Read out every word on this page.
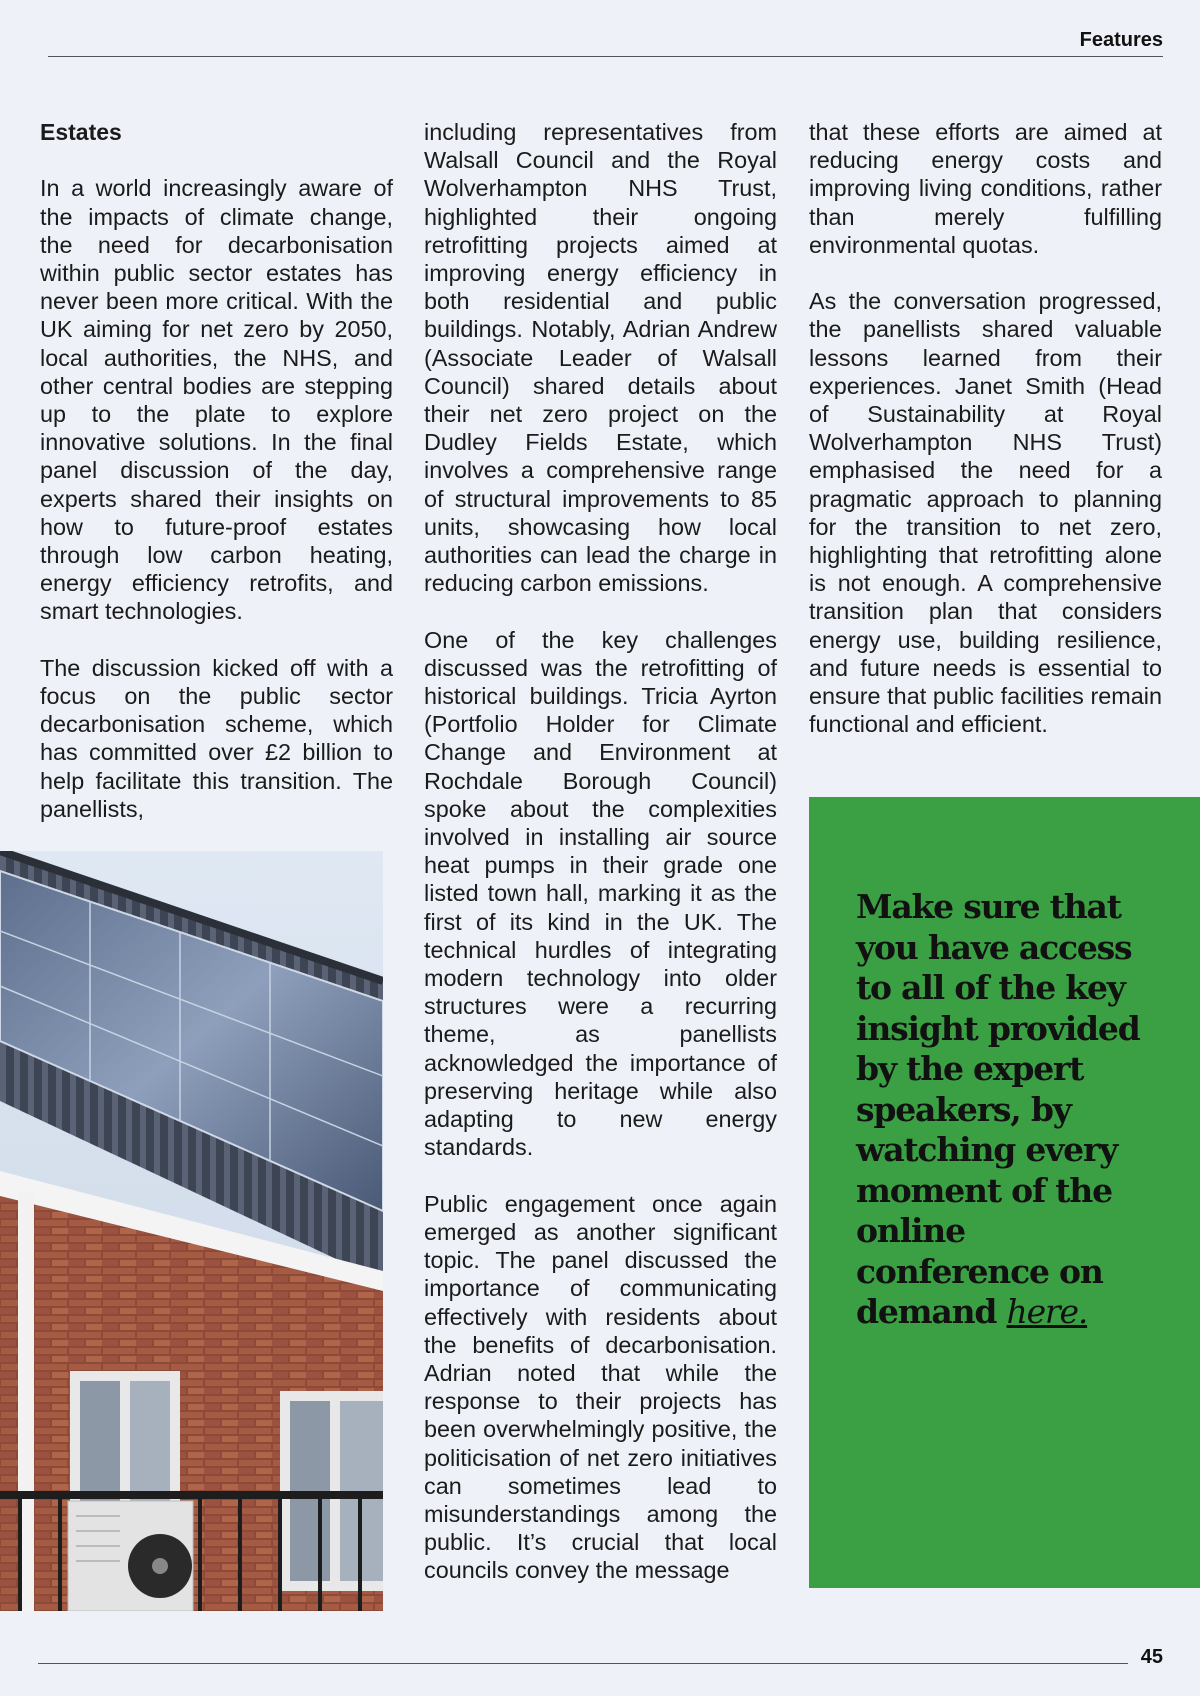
Features
Estates

In a world increasingly aware of the impacts of climate change, the need for decarbonisation within public sector estates has never been more critical. With the UK aiming for net zero by 2050, local authorities, the NHS, and other central bodies are stepping up to the plate to explore innovative solutions. In the final panel discussion of the day, experts shared their insights on how to future-proof estates through low carbon heating, energy efficiency retrofits, and smart technologies.

The discussion kicked off with a focus on the public sector decarbonisation scheme, which has committed over £2 billion to help facilitate this transition. The panellists,

including representatives from Walsall Council and the Royal Wolverhampton NHS Trust, highlighted their ongoing retrofitting projects aimed at improving energy efficiency in both residential and public buildings. Notably, Adrian Andrew (Associate Leader of Walsall Council) shared details about their net zero project on the Dudley Fields Estate, which involves a comprehensive range of structural improvements to 85 units, showcasing how local authorities can lead the charge in reducing carbon emissions.

One of the key challenges discussed was the retrofitting of historical buildings. Tricia Ayrton (Portfolio Holder for Climate Change and Environment at Rochdale Borough Council) spoke about the complexities involved in installing air source heat pumps in their grade one listed town hall, marking it as the first of its kind in the UK. The technical hurdles of integrating modern technology into older structures were a recurring theme, as panellists acknowledged the importance of preserving heritage while also adapting to new energy standards.

Public engagement once again emerged as another significant topic. The panel discussed the importance of communicating effectively with residents about the benefits of decarbonisation. Adrian noted that while the response to their projects has been overwhelmingly positive, the politicisation of net zero initiatives can sometimes lead to misunderstandings among the public. It’s crucial that local councils convey the message

that these efforts are aimed at reducing energy costs and improving living conditions, rather than merely fulfilling environmental quotas.

As the conversation progressed, the panellists shared valuable lessons learned from their experiences. Janet Smith (Head of Sustainability at Royal Wolverhampton NHS Trust) emphasised the need for a pragmatic approach to planning for the transition to net zero, highlighting that retrofitting alone is not enough. A comprehensive transition plan that considers energy use, building resilience, and future needs is essential to ensure that public facilities remain functional and efficient.

Make sure that you have access to all of the key insight provided by the expert speakers, by watching every moment of the online conference on demand here.
45
